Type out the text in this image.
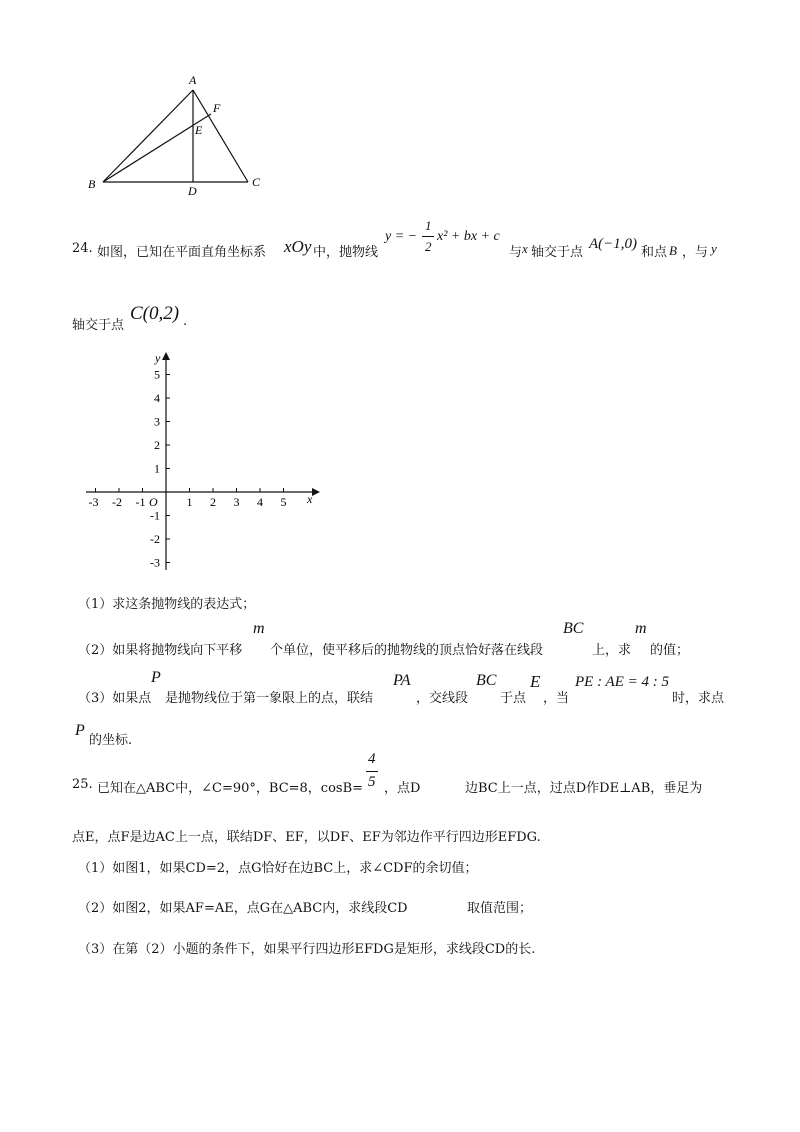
A
F
E
B	D
C
24. 如图，已知在平面直角坐标系 xOy 中，抛物线
y = −
1
2
x² + bx + c
与 x 轴交于点
A(−1,0)
和点 B ，与 y
轴交于点
C(0,2) .
x
y
O
-3 -2 -1	1 2 3 4 5
5
4
3
2
1
-1
-2
-3
（1）求这条抛物线的表达式；
（2）如果将抛物线向下平移
m
个单位，使平移后的抛物线的顶点恰好落在线段
BC
上，求
m
的值；
（3）如果点
P
是抛物线位于第一象限上的点，联结
PA
，交线段
BC
于点
E
，当
PE : AE = 4 : 5
时，求点
P
的坐标.
25. 已知在△ABC中，∠C=90°，BC=8，cosB=
4
5 ，点D	边BC上一点，过点D作DE⊥AB，垂足为
点E，点F是边AC上一点，联结DF、EF，以DF、EF为邻边作平行四边形EFDG.
（1）如图1，如果CD=2，点G恰好在边BC上，求∠CDF的余切值；
（2）如图2，如果AF=AE，点G在△ABC内，求线段CD	取值范围；
（3）在第（2）小题的条件下，如果平行四边形EFDG是矩形，求线段CD的长.
